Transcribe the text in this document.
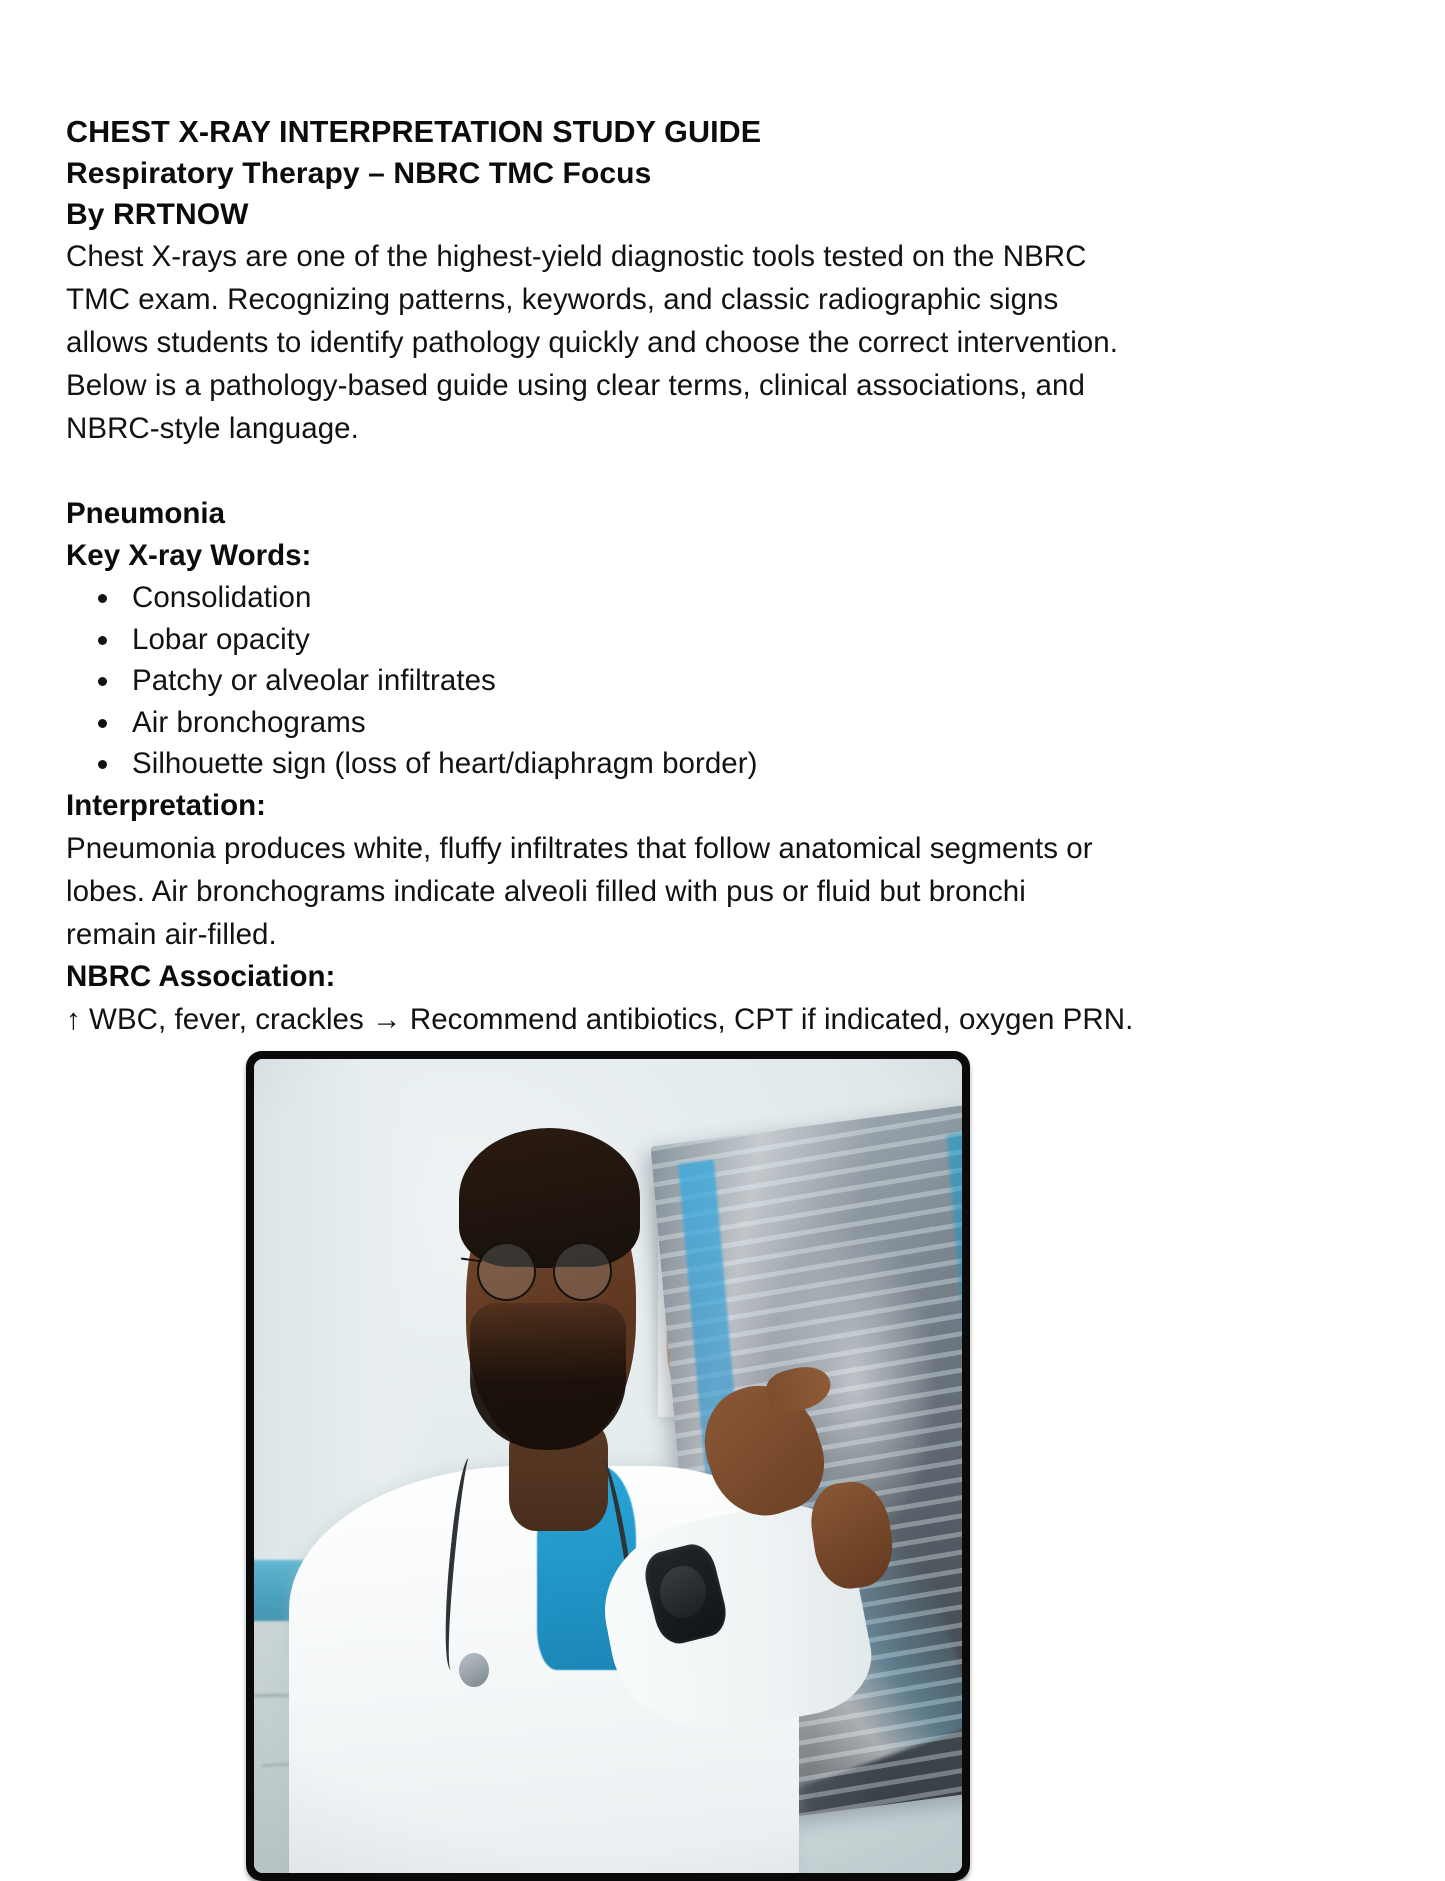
CHEST X-RAY INTERPRETATION STUDY GUIDE
Respiratory Therapy – NBRC TMC Focus
By RRTNOW

Chest X-rays are one of the highest-yield diagnostic tools tested on the NBRC TMC exam. Recognizing patterns, keywords, and classic radiographic signs allows students to identify pathology quickly and choose the correct intervention. Below is a pathology-based guide using clear terms, clinical associations, and NBRC-style language.

Pneumonia
Key X-ray Words:
Consolidation
Lobar opacity
Patchy or alveolar infiltrates
Air bronchograms
Silhouette sign (loss of heart/diaphragm border)
Interpretation:

Pneumonia produces white, fluffy infiltrates that follow anatomical segments or lobes. Air bronchograms indicate alveoli filled with pus or fluid but bronchi remain air-filled.

NBRC Association:

↑ WBC, fever, crackles → Recommend antibiotics, CPT if indicated, oxygen PRN.
